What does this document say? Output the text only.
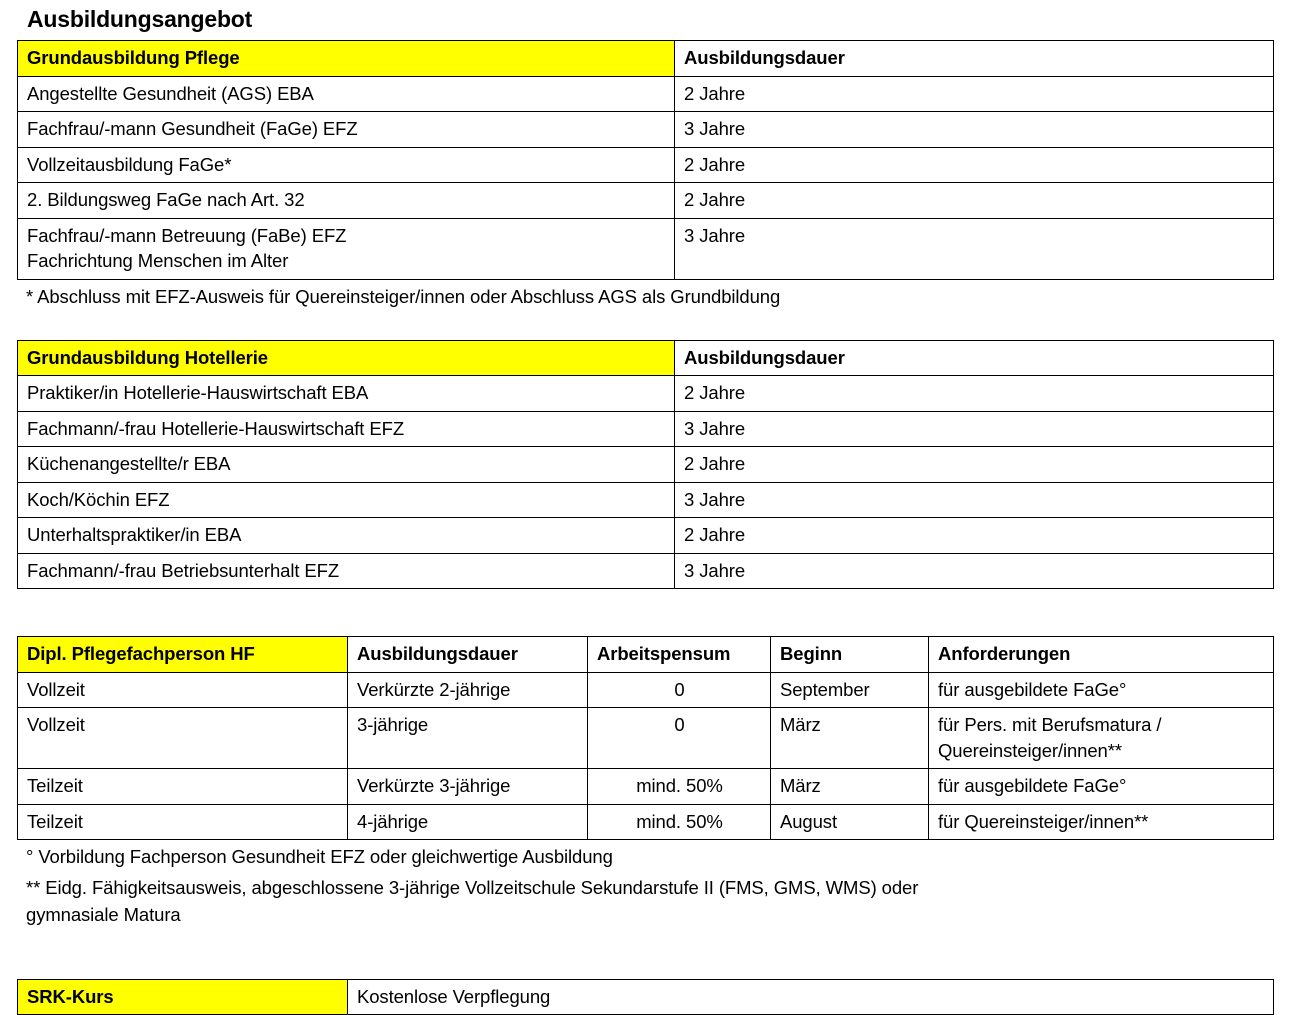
Ausbildungsangebot
Grundausbildung Pflege	Ausbildungsdauer
Angestellte Gesundheit (AGS) EBA	2 Jahre
Fachfrau/-mann Gesundheit (FaGe) EFZ	3 Jahre
Vollzeitausbildung FaGe*	2 Jahre
2. Bildungsweg FaGe nach Art. 32	2 Jahre

Fachfrau/-mann Betreuung (FaBe) EFZ
Fachrichtung Menschen im Alter	3 Jahre
* Abschluss mit EFZ-Ausweis für Quereinsteiger/innen oder Abschluss AGS als Grundbildung
Grundausbildung Hotellerie	Ausbildungsdauer
Praktiker/in Hotellerie-Hauswirtschaft EBA	2 Jahre
Fachmann/-frau Hotellerie-Hauswirtschaft EFZ	3 Jahre
Küchenangestellte/r EBA	2 Jahre
Koch/Köchin EFZ	3 Jahre
Unterhaltspraktiker/in EBA	2 Jahre
Fachmann/-frau Betriebsunterhalt EFZ	3 Jahre
Dipl. Pflegefachperson HF	Ausbildungsdauer	Arbeitspensum	Beginn	Anforderungen
Vollzeit	Verkürzte 2-jährige	0	September	für ausgebildete FaGe°
Vollzeit	3-jährige	0	März	für Pers. mit Berufsmatura /
Quereinsteiger/innen**

Teilzeit	Verkürzte 3-jährige	mind. 50%	März	für ausgebildete FaGe°
Teilzeit	4-jährige	mind. 50%	August	für Quereinsteiger/innen**
° Vorbildung Fachperson Gesundheit EFZ oder gleichwertige Ausbildung
** Eidg. Fähigkeitsausweis, abgeschlossene 3-jährige Vollzeitschule Sekundarstufe II (FMS, GMS, WMS) oder
gymnasiale Matura
SRK-Kurs	Kostenlose Verpflegung
